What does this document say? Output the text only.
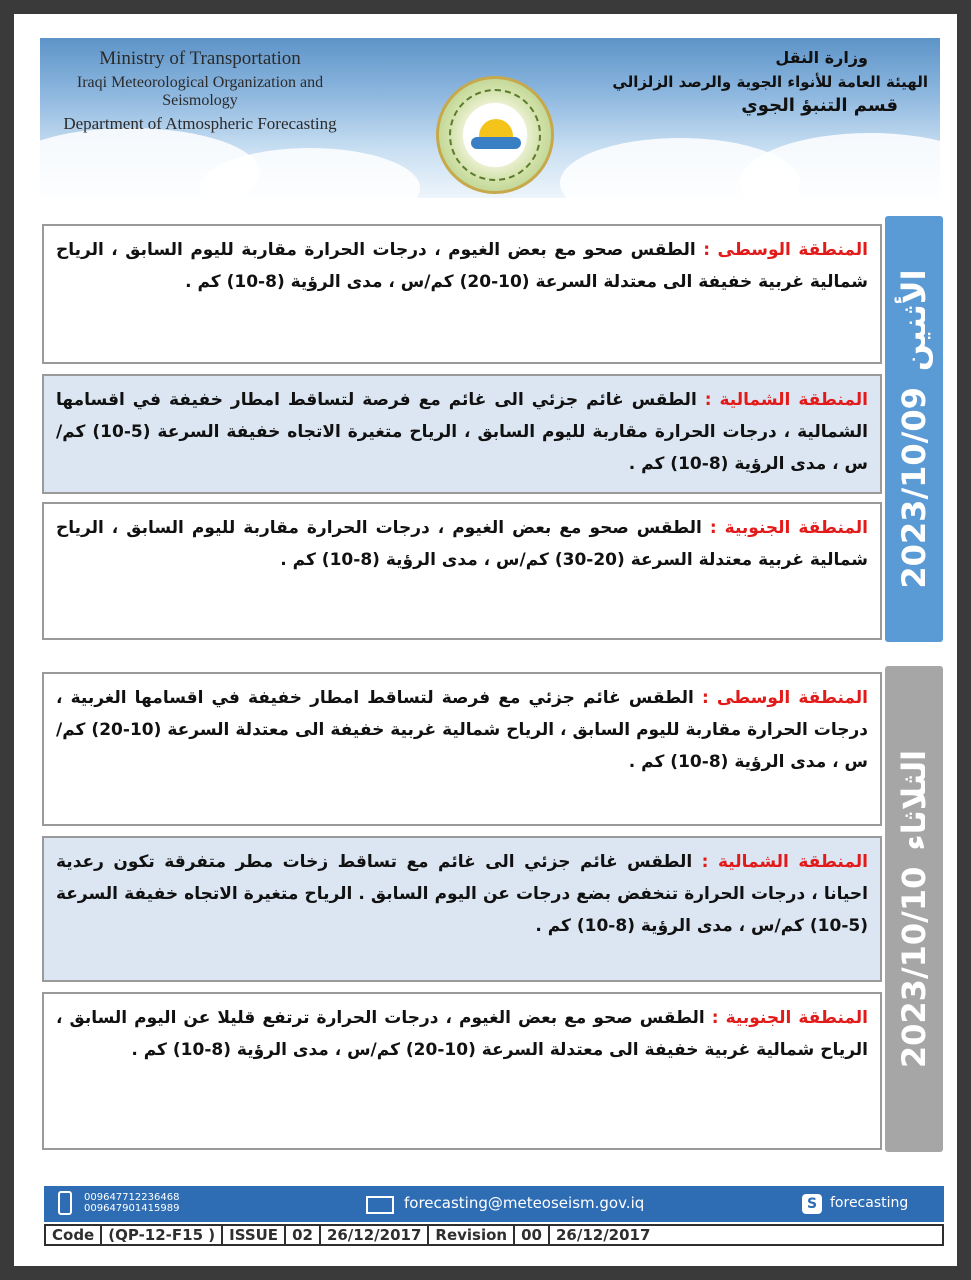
Ministry of Transportation
Iraqi Meteorological Organization and Seismology
Department of Atmospheric Forecasting
وزارة النقل
الهيئة العامة للأنواء الجوية والرصد الزلزالي
قسم التنبؤ الجوي
الأثنين
2023/10/09
المنطقة الوسطى : الطقس صحو مع بعض الغيوم ، درجات الحرارة مقاربة لليوم السابق ، الرياح شمالية غربية خفيفة الى معتدلة السرعة (10-20) كم/س ، مدى الرؤية (8-10) كم .
المنطقة الشمالية : الطقس غائم جزئي الى غائم مع فرصة لتساقط امطار خفيفة في اقسامها الشمالية ، درجات الحرارة مقاربة لليوم السابق ، الرياح متغيرة الاتجاه خفيفة السرعة (5-10) كم/س ، مدى الرؤية (8-10) كم .
المنطقة الجنوبية : الطقس صحو مع بعض الغيوم ، درجات الحرارة مقاربة لليوم السابق ، الرياح شمالية غربية معتدلة السرعة (20-30) كم/س ، مدى الرؤية (8-10) كم .
الثلاثاء
2023/10/10
المنطقة الوسطى : الطقس غائم جزئي مع فرصة لتساقط امطار خفيفة في اقسامها الغربية ، درجات الحرارة مقاربة لليوم السابق ، الرياح شمالية غربية خفيفة الى معتدلة السرعة (10-20) كم/س ، مدى الرؤية (8-10) كم .
المنطقة الشمالية : الطقس غائم جزئي الى غائم مع تساقط زخات مطر متفرقة تكون رعدية احيانا ، درجات الحرارة تنخفض بضع درجات عن اليوم السابق . الرياح متغيرة الاتجاه خفيفة السرعة (5-10) كم/س ، مدى الرؤية (8-10) كم .
المنطقة الجنوبية : الطقس صحو مع بعض الغيوم ، درجات الحرارة ترتفع قليلا عن اليوم السابق ، الرياح شمالية غربية خفيفة الى معتدلة السرعة (10-20) كم/س ، مدى الرؤية (8-10) كم .
009647712236468
009647901415989	forecasting@meteoseism.gov.iq	S forecasting
Code (QP-12-F15 ) ISSUE 02 26/12/2017 Revision 00 26/12/2017
